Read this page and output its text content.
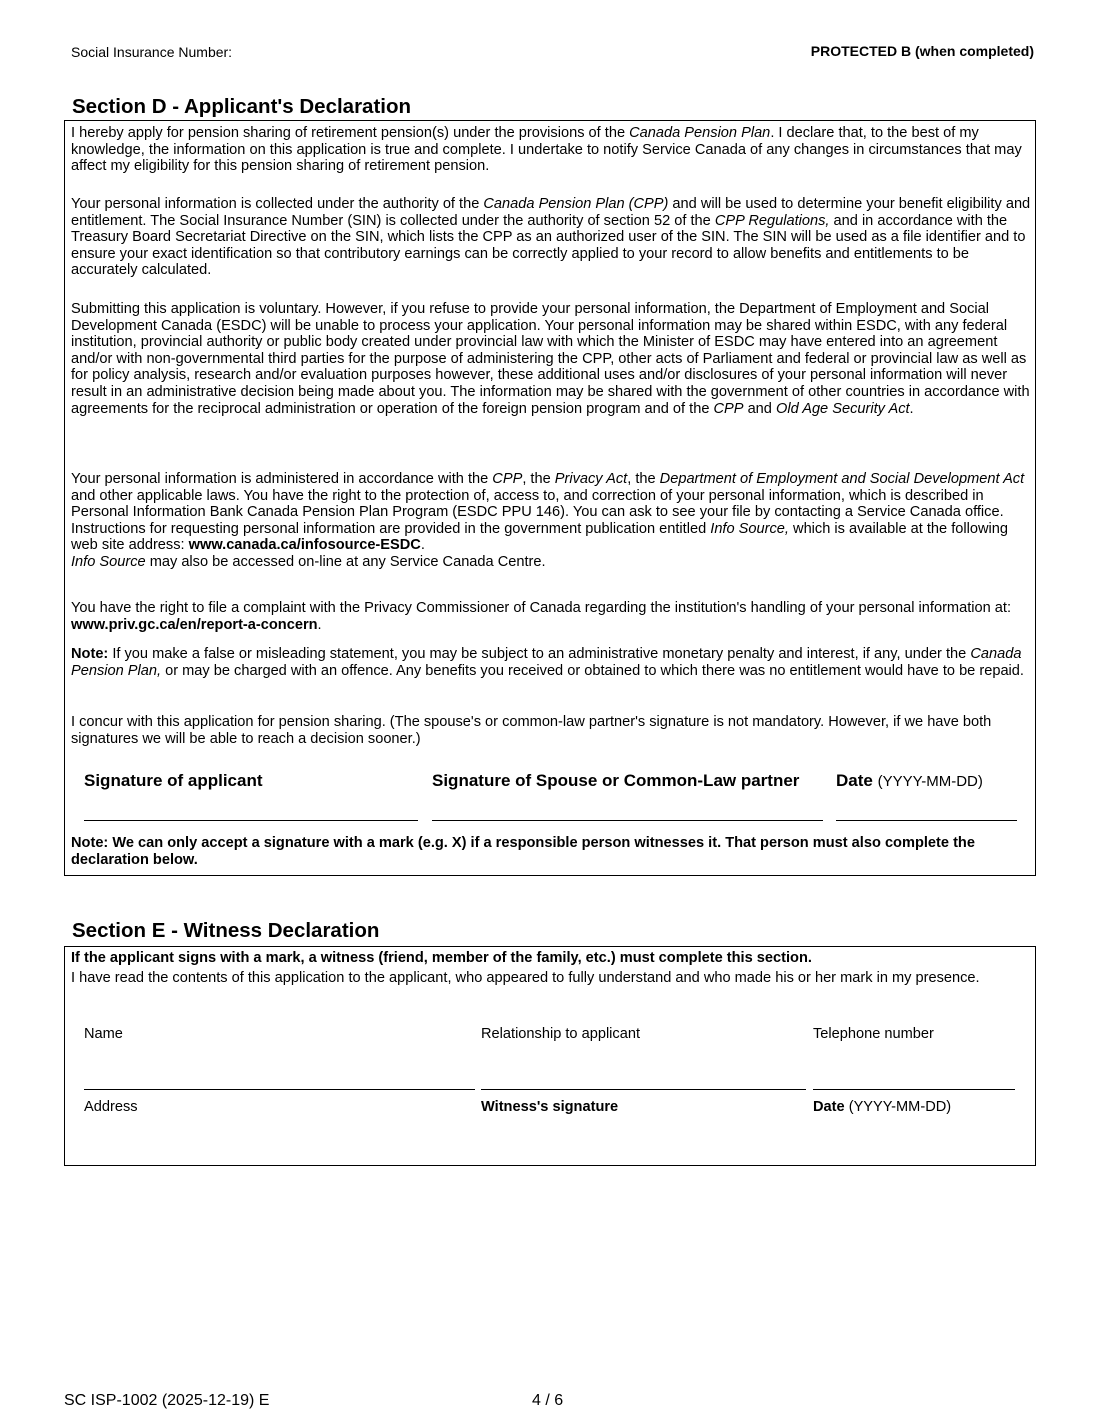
Social Insurance Number:	PROTECTED B (when completed)
Section D - Applicant's Declaration

I hereby apply for pension sharing of retirement pension(s) under the provisions of the Canada Pension Plan. I declare that, to the best of my knowledge, the information on this application is true and complete. I undertake to notify Service Canada of any changes in circumstances that may affect my eligibility for this pension sharing of retirement pension.

Your personal information is collected under the authority of the Canada Pension Plan (CPP) and will be used to determine your benefit eligibility and entitlement. The Social Insurance Number (SIN) is collected under the authority of section 52 of the CPP Regulations, and in accordance with the Treasury Board Secretariat Directive on the SIN, which lists the CPP as an authorized user of the SIN. The SIN will be used as a file identifier and to ensure your exact identification so that contributory earnings can be correctly applied to your record to allow benefits and entitlements to be accurately calculated.

Submitting this application is voluntary. However, if you refuse to provide your personal information, the Department of Employment and Social Development Canada (ESDC) will be unable to process your application. Your personal information may be shared within ESDC, with any federal institution, provincial authority or public body created under provincial law with which the Minister of ESDC may have entered into an agreement and/or with non-governmental third parties for the purpose of administering the CPP, other acts of Parliament and federal or provincial law as well as for policy analysis, research and/or evaluation purposes however, these additional uses and/or disclosures of your personal information will never result in an administrative decision being made about you. The information may be shared with the government of other countries in accordance with agreements for the reciprocal administration or operation of the foreign pension program and of the CPP and Old Age Security Act.

Your personal information is administered in accordance with the CPP, the Privacy Act, the Department of Employment and Social Development Act and other applicable laws. You have the right to the protection of, access to, and correction of your personal information, which is described in Personal Information Bank Canada Pension Plan Program (ESDC PPU 146). You can ask to see your file by contacting a Service Canada office. Instructions for requesting personal information are provided in the government publication entitled Info Source, which is available at the following web site address: www.canada.ca/infosource-ESDC.
Info Source may also be accessed on-line at any Service Canada Centre.

You have the right to file a complaint with the Privacy Commissioner of Canada regarding the institution's handling of your personal information at: www.priv.gc.ca/en/report-a-concern.

Note: If you make a false or misleading statement, you may be subject to an administrative monetary penalty and interest, if any, under the Canada Pension Plan, or may be charged with an offence. Any benefits you received or obtained to which there was no entitlement would have to be repaid.

I concur with this application for pension sharing. (The spouse's or common-law partner's signature is not mandatory. However, if we have both signatures we will be able to reach a decision sooner.)

Signature of applicant	Signature of Spouse or Common-Law partner Date (YYYY-MM-DD)
Note: We can only accept a signature with a mark (e.g. X) if a responsible person witnesses it. That person must also complete the declaration below.
Section E - Witness Declaration
If the applicant signs with a mark, a witness (friend, member of the family, etc.) must complete this section.
I have read the contents of this application to the applicant, who appeared to fully understand and who made his or her mark in my presence.
Name	Relationship to applicant	Telephone number
Address	Witness's signature	Date (YYYY-MM-DD)
SC ISP-1002 (2025-12-19) E	4 / 6
